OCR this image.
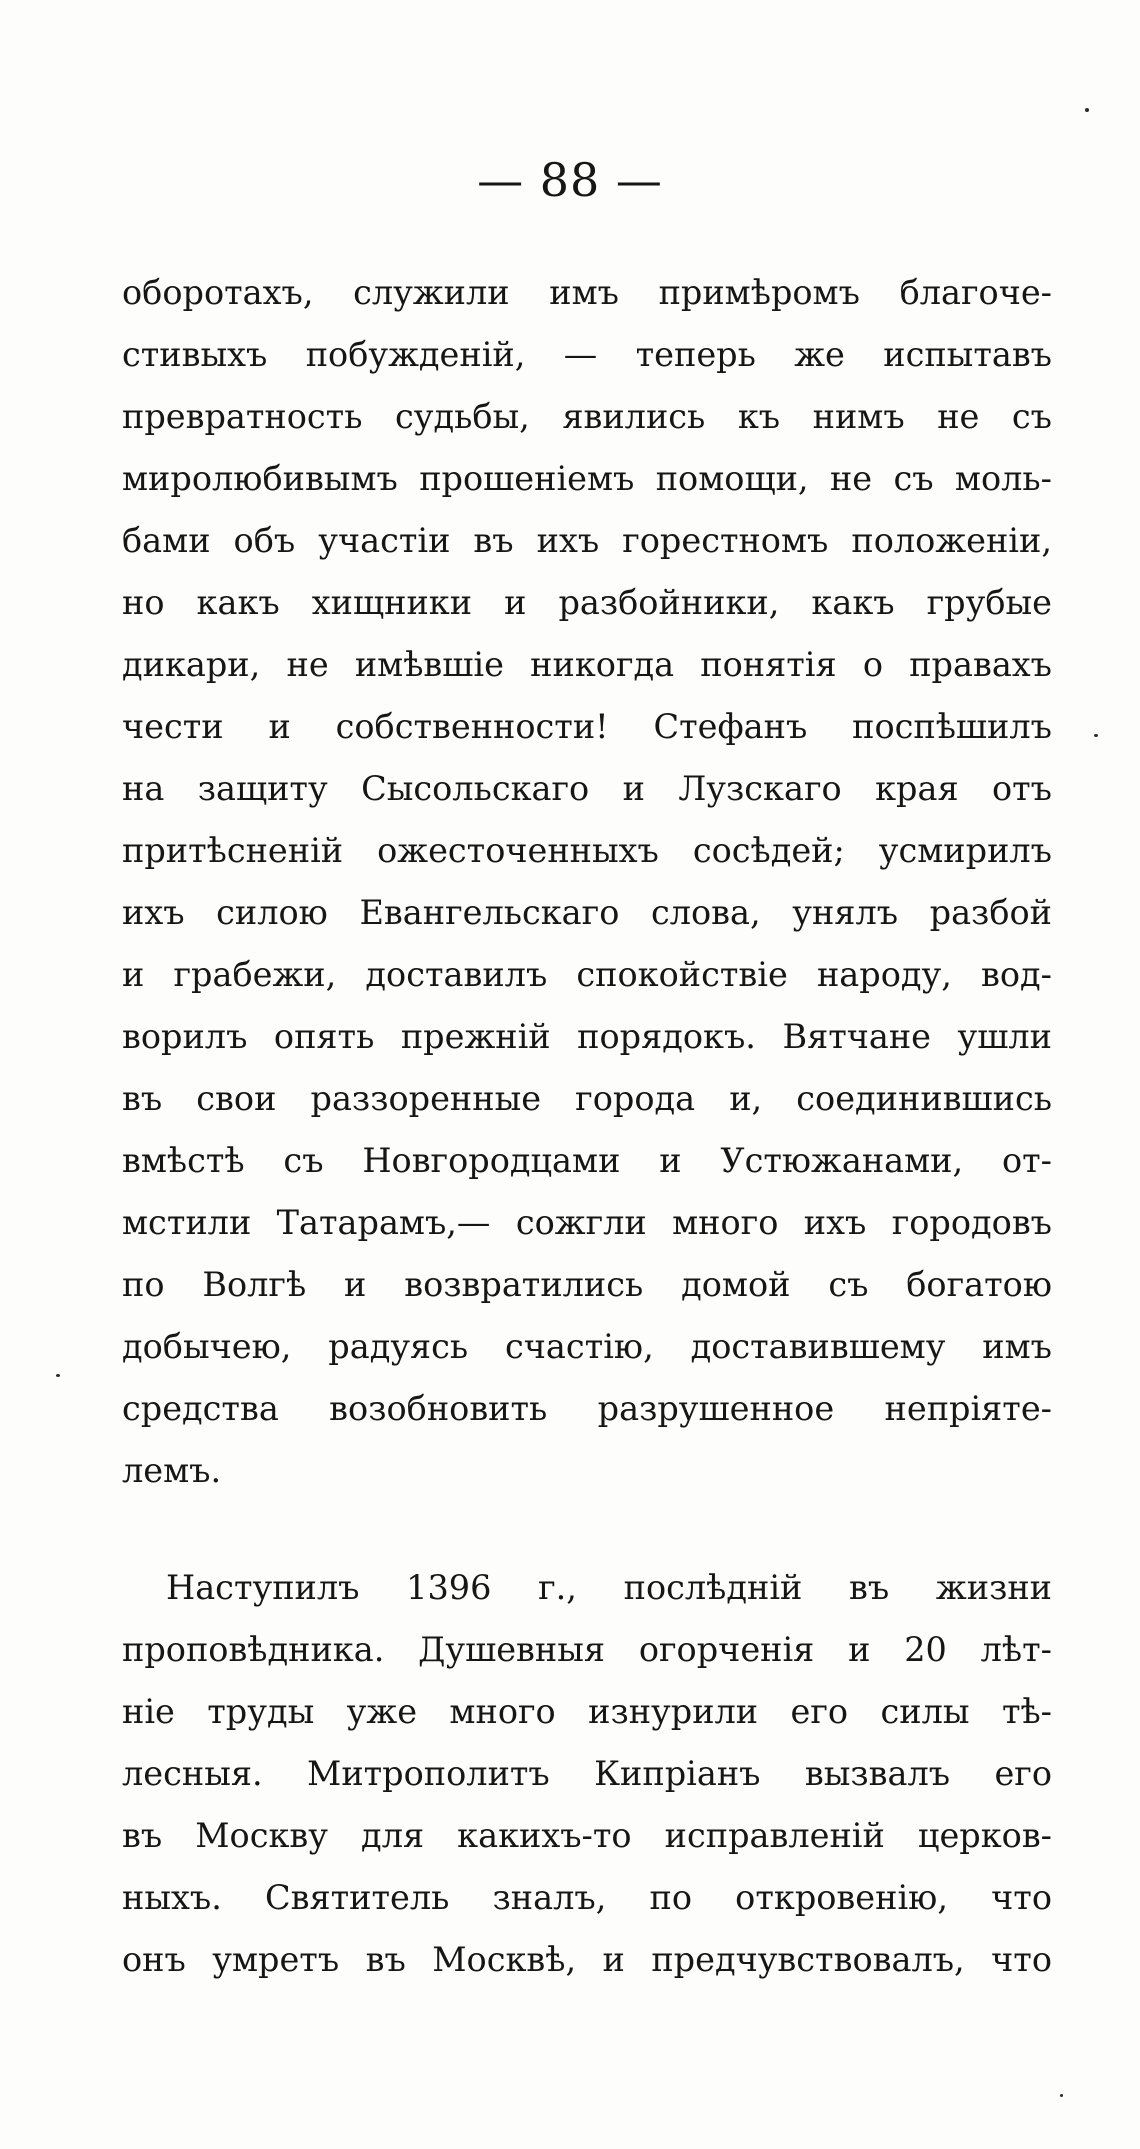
— 88 —
оборотахъ, служили имъ примѣромъ благоче-
стивыхъ побужденій, — теперь же испытавъ
превратность судьбы, явились къ нимъ не съ
миролюбивымъ прошеніемъ помощи, не съ моль-
бами объ участіи въ ихъ горестномъ положеніи,
но какъ хищники и разбойники, какъ грубые
дикари, не имѣвшіе никогда понятія о правахъ
чести и собственности! Стефанъ поспѣшилъ
на защиту Сысольскаго и Лузскаго края отъ
притѣсненій ожесточенныхъ сосѣдей; усмирилъ
ихъ силою Евангельскаго слова, унялъ разбой
и грабежи, доставилъ спокойствіе народу, вод-
ворилъ опять прежній порядокъ. Вятчане ушли
въ свои раззоренные города и, соединившись
вмѣстѣ съ Новгородцами и Устюжанами, от-
мстили Татарамъ,— сожгли много ихъ городовъ
по Волгѣ и возвратились домой съ богатою
добычею, радуясь счастію, доставившему имъ
средства возобновить разрушенное непріяте-
лемъ.
Наступилъ 1396 г., послѣдній въ жизни
проповѣдника. Душевныя огорченія и 20 лѣт-
ніе труды уже много изнурили его силы тѣ-
лесныя. Митрополитъ Кипріанъ вызвалъ его
въ Москву для какихъ-то исправленій церков-
ныхъ. Святитель зналъ, по откровенію, что
онъ умретъ въ Москвѣ, и предчувствовалъ, что
